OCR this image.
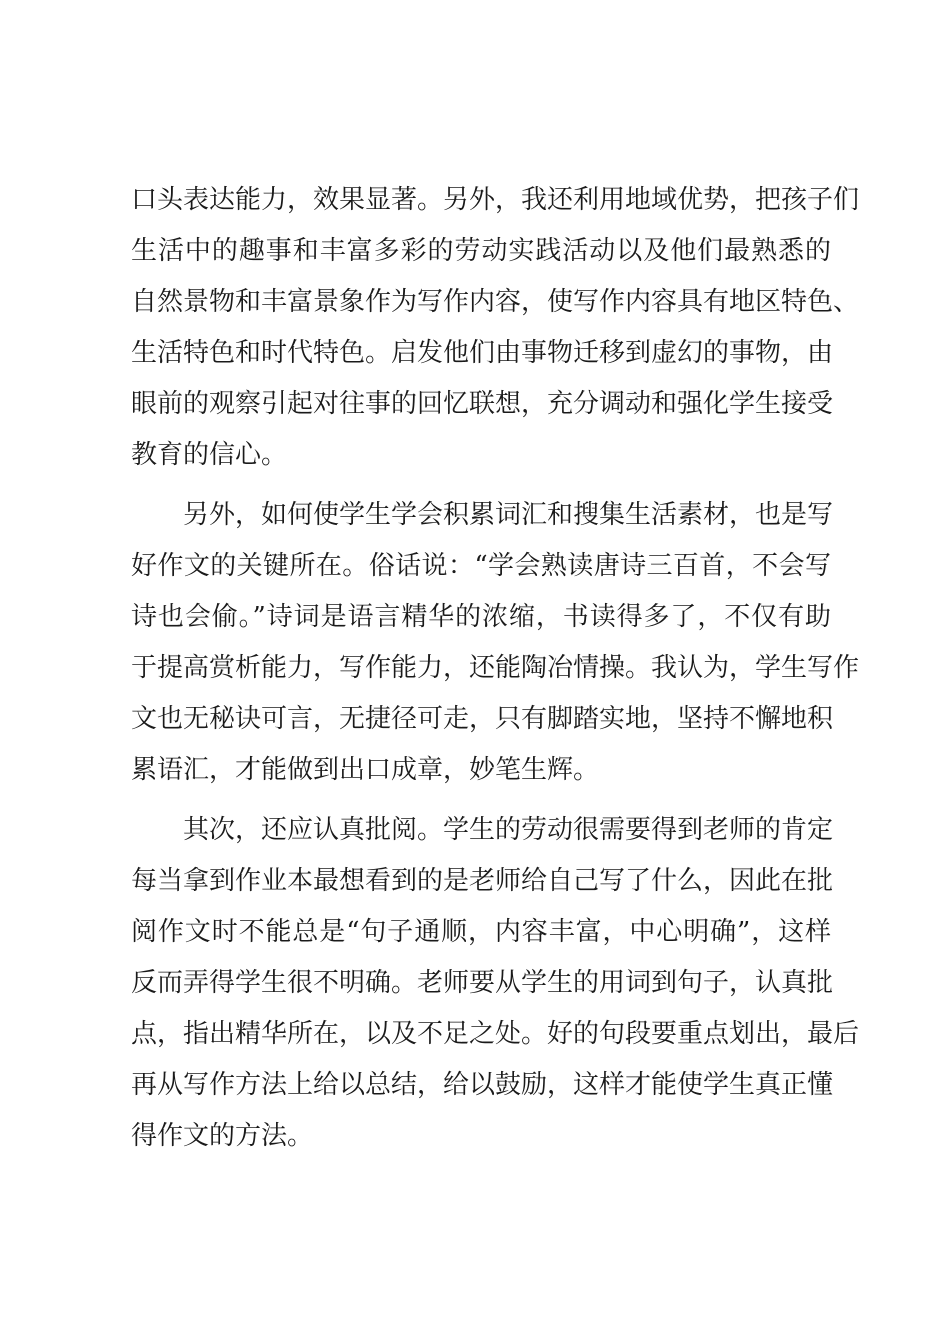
口头表达能力，效果显著。另外，我还利用地域优势，把孩子们
生活中的趣事和丰富多彩的劳动实践活动以及他们最熟悉的
自然景物和丰富景象作为写作内容，使写作内容具有地区特色、
生活特色和时代特色。启发他们由事物迁移到虚幻的事物，由
眼前的观察引起对往事的回忆联想，充分调动和强化学生接受
教育的信心。
另外，如何使学生学会积累词汇和搜集生活素材，也是写
好作文的关键所在。俗话说：“学会熟读唐诗三百首，不会写
诗也会偷。”诗词是语言精华的浓缩，书读得多了，不仅有助
于提高赏析能力，写作能力，还能陶冶情操。我认为，学生写作
文也无秘诀可言，无捷径可走，只有脚踏实地，坚持不懈地积
累语汇，才能做到出口成章，妙笔生辉。
其次，还应认真批阅。学生的劳动很需要得到老师的肯定
每当拿到作业本最想看到的是老师给自己写了什么，因此在批
阅作文时不能总是“句子通顺，内容丰富，中心明确”，这样
反而弄得学生很不明确。老师要从学生的用词到句子，认真批
点，指出精华所在，以及不足之处。好的句段要重点划出，最后
再从写作方法上给以总结，给以鼓励，这样才能使学生真正懂
得作文的方法。
